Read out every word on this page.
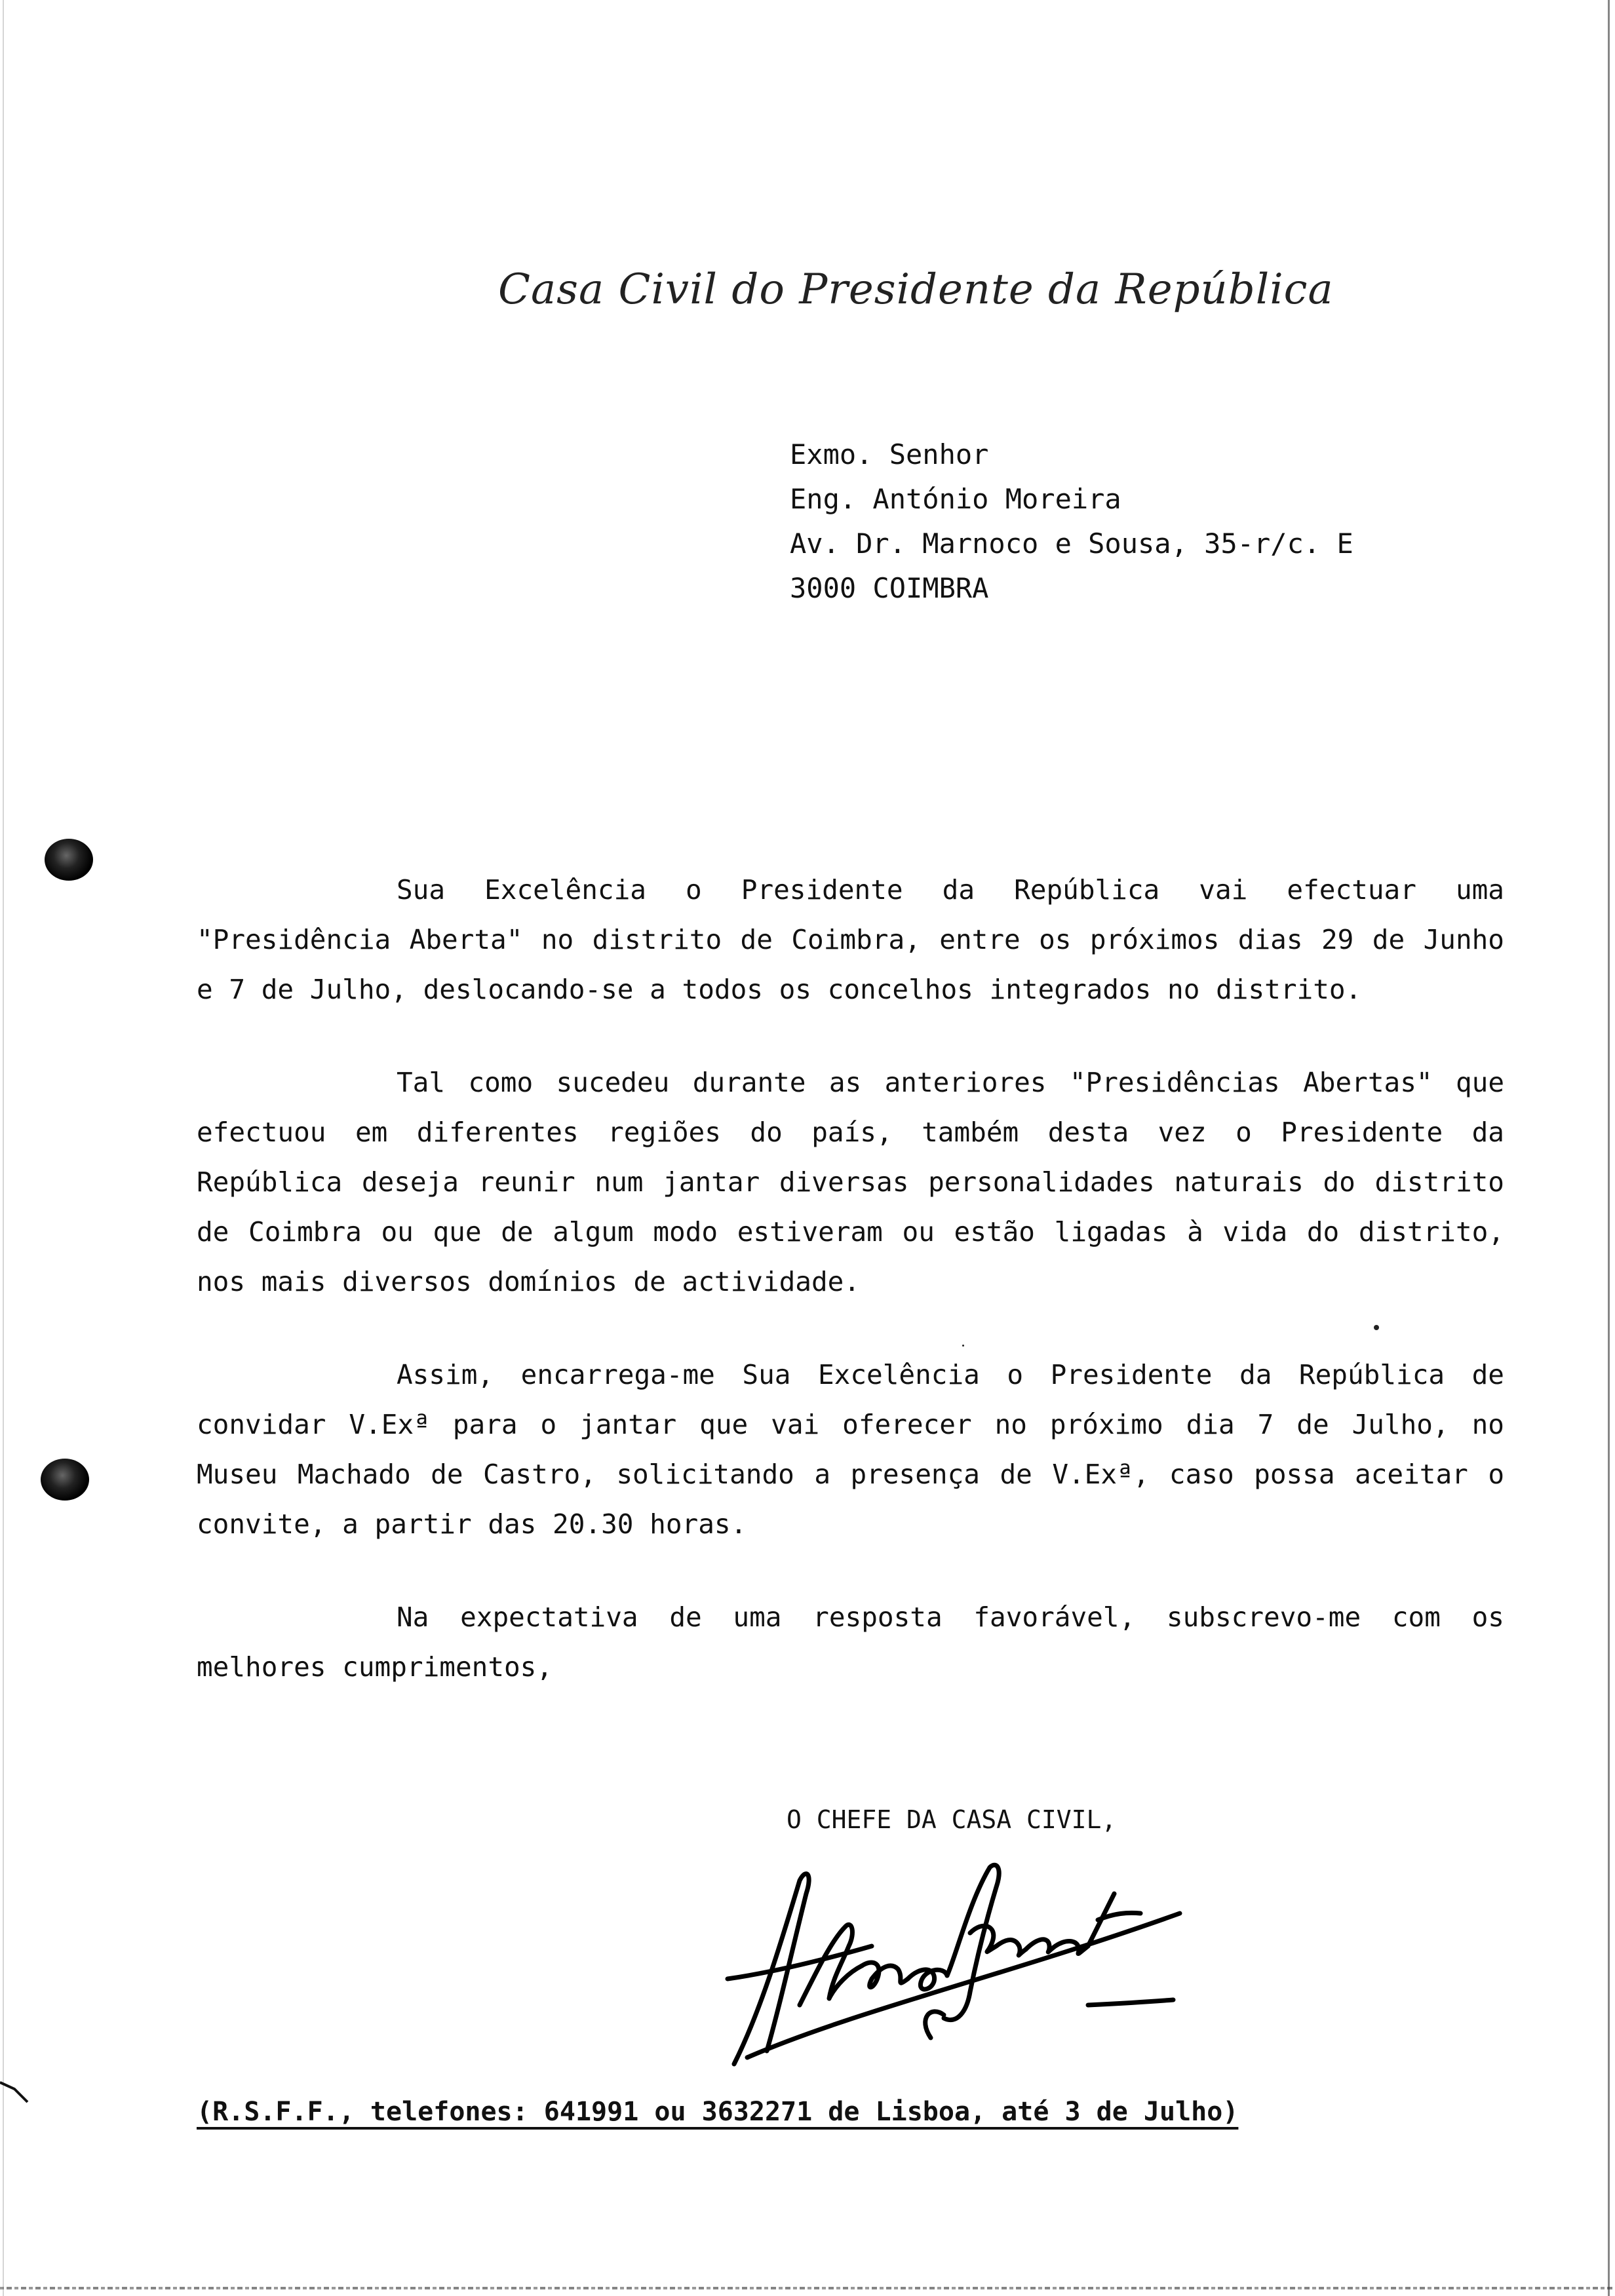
Casa Civil do Presidente da República
Exmo. Senhor
Eng. António Moreira
Av. Dr. Marnoco e Sousa, 35-r/c. E
3000 COIMBRA
Sua Excelência o Presidente da República vai efectuar uma
"Presidência Aberta" no distrito de Coimbra, entre os próximos dias 29 de Junho
e 7 de Julho, deslocando-se a todos os concelhos integrados no distrito.
Tal como sucedeu durante as anteriores "Presidências Abertas" que
efectuou em diferentes regiões do país, também desta vez o Presidente da
República deseja reunir num jantar diversas personalidades naturais do distrito
de Coimbra ou que de algum modo estiveram ou estão ligadas à vida do distrito,
nos mais diversos domínios de actividade.
Assim, encarrega-me Sua Excelência o Presidente da República de
convidar V.Exª para o jantar que vai oferecer no próximo dia 7 de Julho, no
Museu Machado de Castro, solicitando a presença de V.Exª, caso possa aceitar o
convite, a partir das 20.30 horas.
Na expectativa de uma resposta favorável, subscrevo-me com os
melhores cumprimentos,
O CHEFE DA CASA CIVIL,
(R.S.F.F., telefones: 641991 ou 3632271 de Lisboa, até 3 de Julho)
